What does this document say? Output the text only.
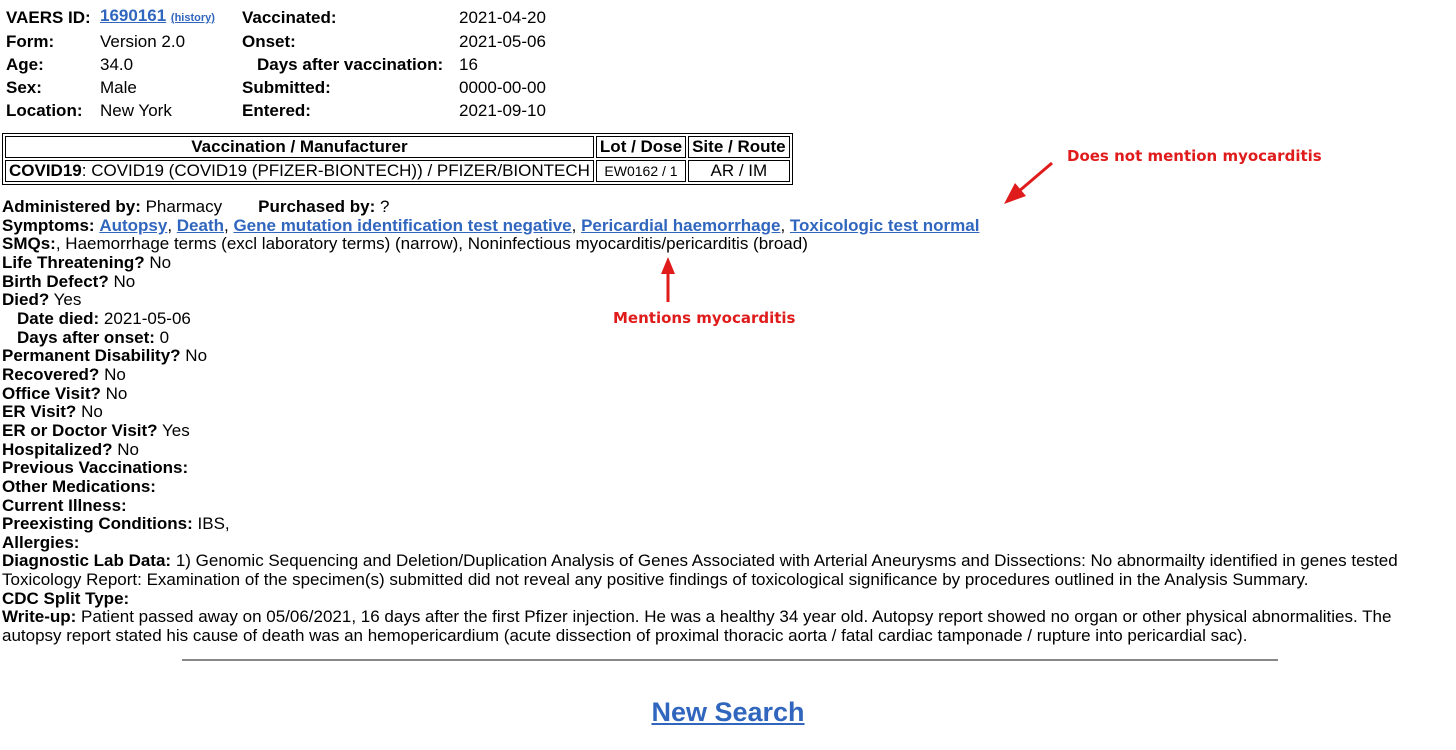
VAERS ID:	1690161 (history)	Vaccinated:	2021-04-20
Form:	Version 2.0	Onset:	2021-05-06
Age:	34.0	Days after vaccination:	16
Sex:	Male	Submitted:	0000-00-00
Location:	New York	Entered:	2021-09-10
Vaccination / Manufacturer	Lot / Dose	Site / Route
COVID19: COVID19 (COVID19 (PFIZER-BIONTECH)) / PFIZER/BIONTECH	EW0162 / 1	AR / IM
Administered by: Pharmacy Purchased by: ?
Symptoms: Autopsy, Death, Gene mutation identification test negative, Pericardial haemorrhage, Toxicologic test normal
SMQs:, Haemorrhage terms (excl laboratory terms) (narrow), Noninfectious myocarditis/pericarditis (broad)
Life Threatening? No
Birth Defect? No
Died? Yes
Date died: 2021-05-06
Days after onset: 0
Permanent Disability? No
Recovered? No
Office Visit? No
ER Visit? No
ER or Doctor Visit? Yes
Hospitalized? No
Previous Vaccinations:
Other Medications:
Current Illness:
Preexisting Conditions: IBS,
Allergies:
Diagnostic Lab Data: 1) Genomic Sequencing and Deletion/Duplication Analysis of Genes Associated with Arterial Aneurysms and Dissections: No abnormailty identified in genes tested Toxicology Report: Examination of the specimen(s) submitted did not reveal any positive findings of toxicological significance by procedures outlined in the Analysis Summary.
CDC Split Type:
Write-up: Patient passed away on 05/06/2021, 16 days after the first Pfizer injection. He was a healthy 34 year old. Autopsy report showed no organ or other physical abnormalities. The autopsy report stated his cause of death was an hemopericardium (acute dissection of proximal thoracic aorta / fatal cardiac tamponade / rupture into pericardial sac).
New Search
Does not mention myocarditis
Mentions myocarditis
